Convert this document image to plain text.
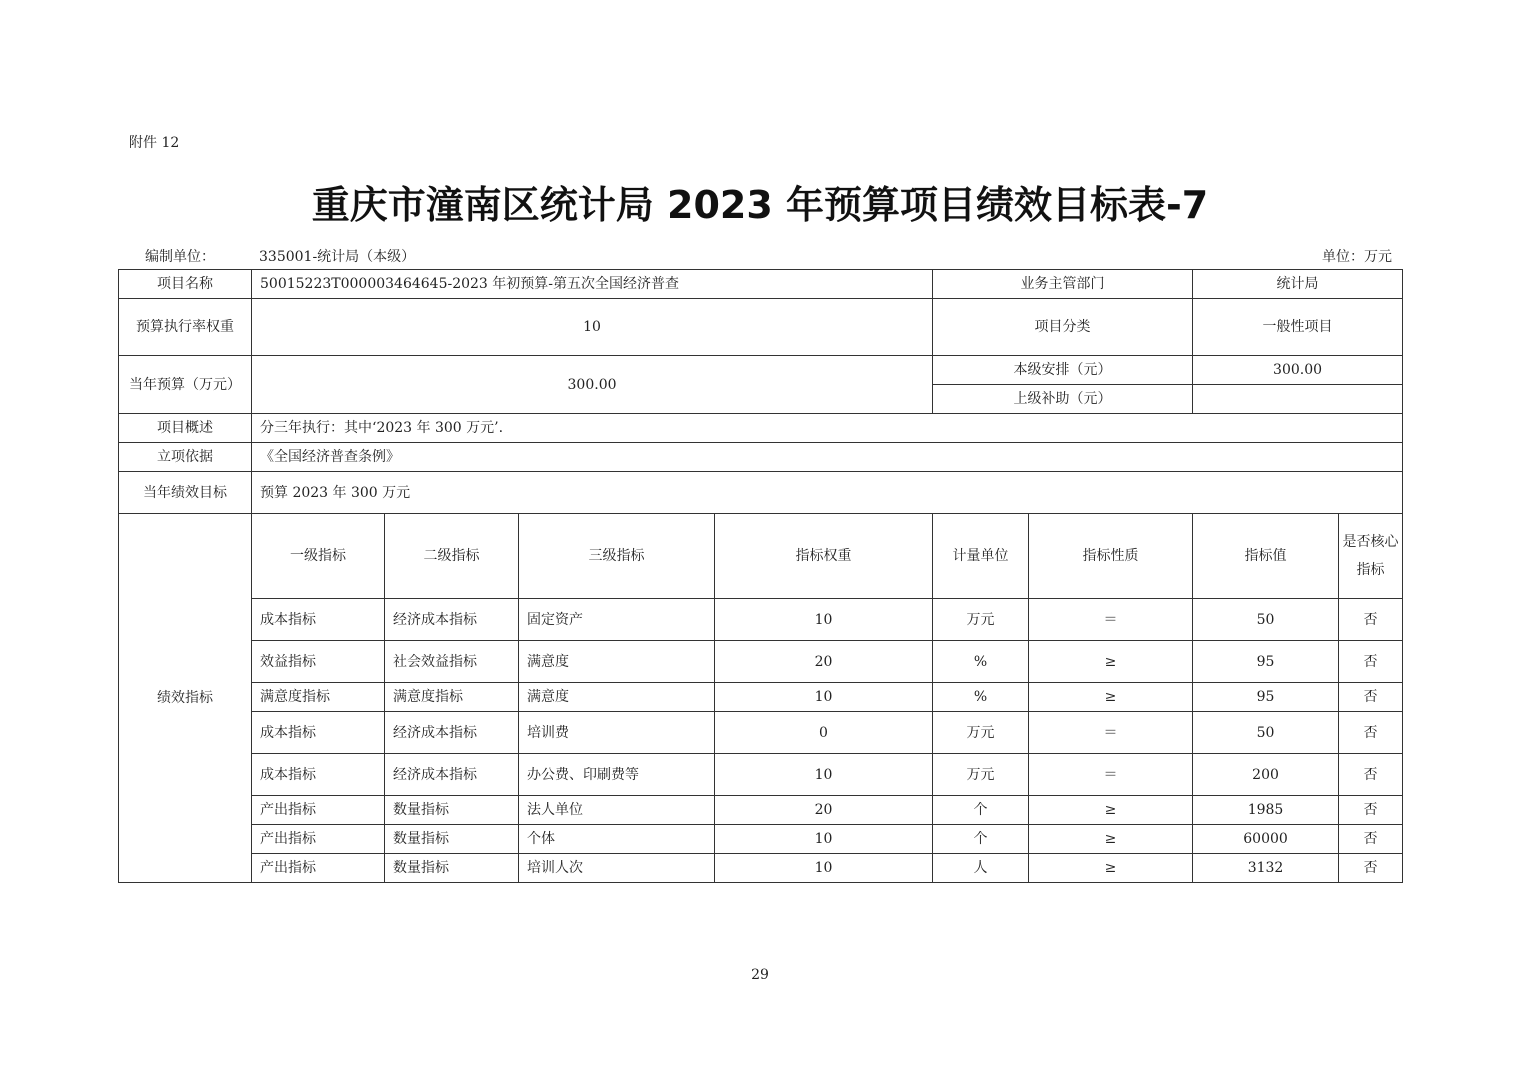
附件 12
重庆市潼南区统计局 2023 年预算项目绩效目标表-7
编制单位：	335001-统计局（本级）	单位：万元
项目名称	50015223T000003464645-2023 年初预算-第五次全国经济普查				业务主管部门		统计局	
预算执行率权重	10				项目分类		一般性项目	
当年预算（万元）	300.00				本级安排（元）		300.00	
					上级补助（元）			
项目概述	分三年执行：其中‘2023 年 300 万元’.							
立项依据	《全国经济普查条例》							
当年绩效目标	预算 2023 年 300 万元							
绩效指标	一级指标	二级指标	三级指标	指标权重	计量单位	指标性质	指标值	是否核心指标
	成本指标	经济成本指标	固定资产	10	万元	＝	50	否
	效益指标	社会效益指标	满意度	20	%	≥	95	否
	满意度指标	满意度指标	满意度	10	%	≥	95	否
	成本指标	经济成本指标	培训费	0	万元	＝	50	否
	成本指标	经济成本指标	办公费、印刷费等	10	万元	＝	200	否
	产出指标	数量指标	法人单位	20	个	≥	1985	否
	产出指标	数量指标	个体	10	个	≥	60000	否
	产出指标	数量指标	培训人次	10	人	≥	3132	否
29
